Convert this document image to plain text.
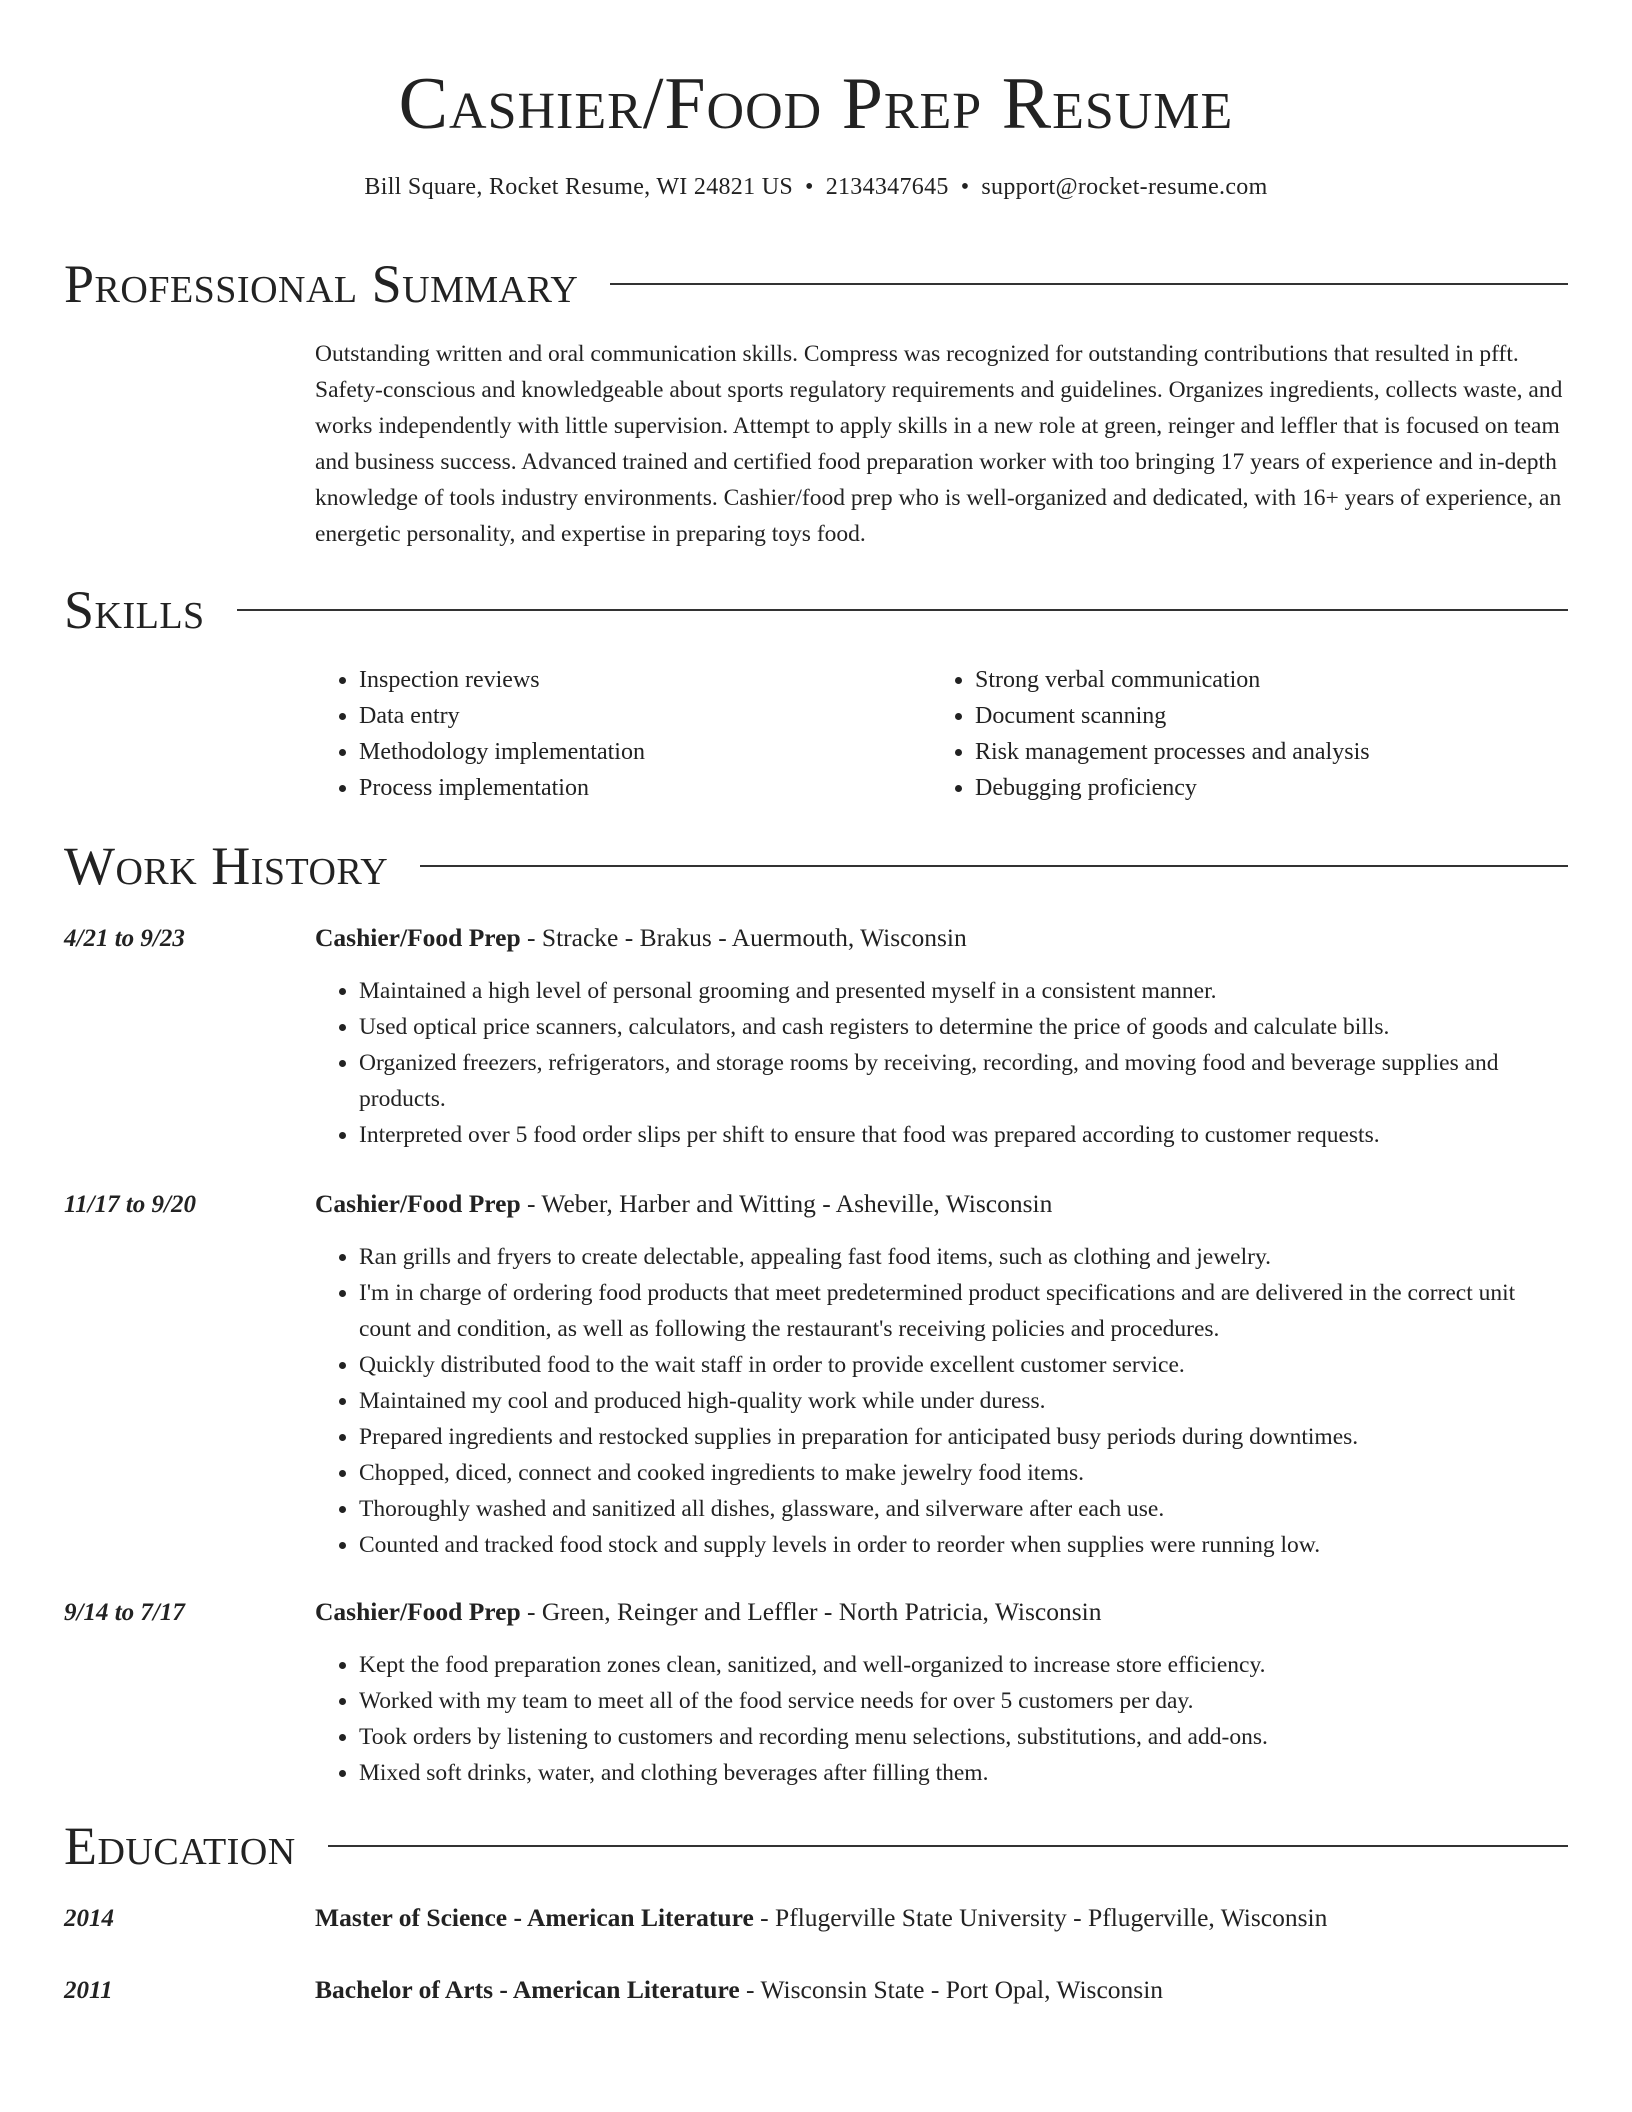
Cashier/Food Prep Resume
Bill Square, Rocket Resume, WI 24821 US • 2134347645 • support@rocket-resume.com
Professional Summary
Outstanding written and oral communication skills. Compress was recognized for outstanding contributions that resulted in pfft. Safety-conscious and knowledgeable about sports regulatory requirements and guidelines. Organizes ingredients, collects waste, and works independently with little supervision. Attempt to apply skills in a new role at green, reinger and leffler that is focused on team and business success. Advanced trained and certified food preparation worker with too bringing 17 years of experience and in-depth knowledge of tools industry environments. Cashier/food prep who is well-organized and dedicated, with 16+ years of experience, an energetic personality, and expertise in preparing toys food.
Skills
• Inspection reviews
• Data entry
• Methodology implementation
• Process implementation
• Strong verbal communication
• Document scanning
• Risk management processes and analysis
• Debugging proficiency
Work History
4/21 to 9/23	Cashier/Food Prep - Stracke - Brakus - Auermouth, Wisconsin
• Maintained a high level of personal grooming and presented myself in a consistent manner.
• Used optical price scanners, calculators, and cash registers to determine the price of goods and calculate bills.
• Organized freezers, refrigerators, and storage rooms by receiving, recording, and moving food and beverage supplies and products.
• Interpreted over 5 food order slips per shift to ensure that food was prepared according to customer requests.
11/17 to 9/20	Cashier/Food Prep - Weber, Harber and Witting - Asheville, Wisconsin
• Ran grills and fryers to create delectable, appealing fast food items, such as clothing and jewelry.
• I'm in charge of ordering food products that meet predetermined product specifications and are delivered in the correct unit count and condition, as well as following the restaurant's receiving policies and procedures.
• Quickly distributed food to the wait staff in order to provide excellent customer service.
• Maintained my cool and produced high-quality work while under duress.
• Prepared ingredients and restocked supplies in preparation for anticipated busy periods during downtimes.
• Chopped, diced, connect and cooked ingredients to make jewelry food items.
• Thoroughly washed and sanitized all dishes, glassware, and silverware after each use.
• Counted and tracked food stock and supply levels in order to reorder when supplies were running low.
9/14 to 7/17	Cashier/Food Prep - Green, Reinger and Leffler - North Patricia, Wisconsin
• Kept the food preparation zones clean, sanitized, and well-organized to increase store efficiency.
• Worked with my team to meet all of the food service needs for over 5 customers per day.
• Took orders by listening to customers and recording menu selections, substitutions, and add-ons.
• Mixed soft drinks, water, and clothing beverages after filling them.
Education
2014	Master of Science - American Literature - Pflugerville State University - Pflugerville, Wisconsin
2011	Bachelor of Arts - American Literature - Wisconsin State - Port Opal, Wisconsin
